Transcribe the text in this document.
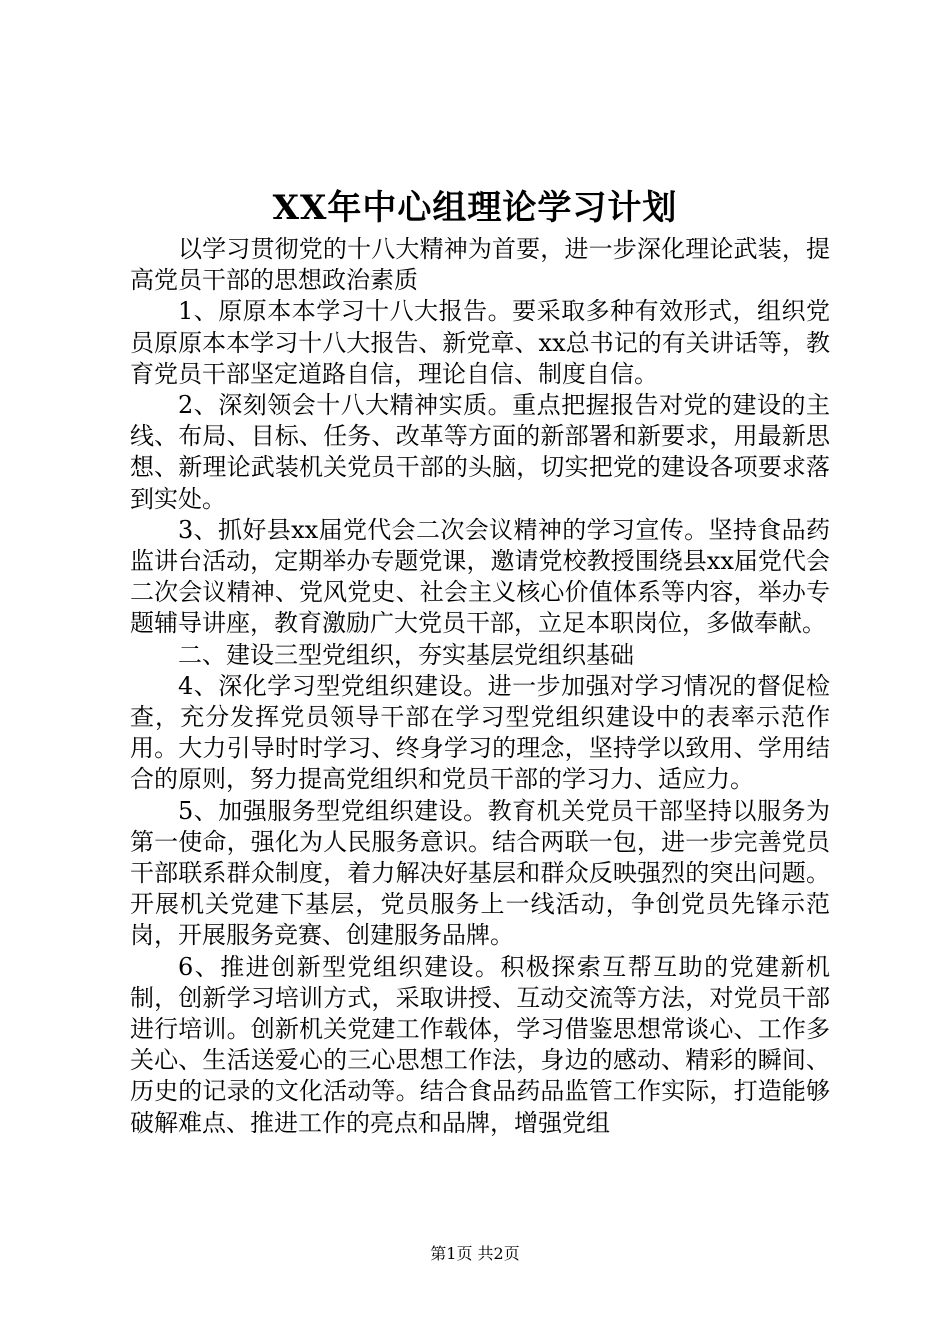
XX年中心组理论学习计划

以学习贯彻党的十八大精神为首要，进一步深化理论武装，提高党员干部的思想政治素质

1、原原本本学习十八大报告。要采取多种有效形式，组织党员原原本本学习十八大报告、新党章、xx总书记的有关讲话等，教育党员干部坚定道路自信，理论自信、制度自信。

2、深刻领会十八大精神实质。重点把握报告对党的建设的主线、布局、目标、任务、改革等方面的新部署和新要求，用最新思想、新理论武装机关党员干部的头脑，切实把党的建设各项要求落到实处。

3、抓好县xx届党代会二次会议精神的学习宣传。坚持食品药监讲台活动，定期举办专题党课，邀请党校教授围绕县xx届党代会二次会议精神、党风党史、社会主义核心价值体系等内容，举办专题辅导讲座，教育激励广大党员干部，立足本职岗位，多做奉献。

二、建设三型党组织，夯实基层党组织基础

4、深化学习型党组织建设。进一步加强对学习情况的督促检查，充分发挥党员领导干部在学习型党组织建设中的表率示范作用。大力引导时时学习、终身学习的理念，坚持学以致用、学用结合的原则，努力提高党组织和党员干部的学习力、适应力。

5、加强服务型党组织建设。教育机关党员干部坚持以服务为第一使命，强化为人民服务意识。结合两联一包，进一步完善党员干部联系群众制度，着力解决好基层和群众反映强烈的突出问题。开展机关党建下基层，党员服务上一线活动，争创党员先锋示范岗，开展服务竞赛、创建服务品牌。

6、推进创新型党组织建设。积极探索互帮互助的党建新机制，创新学习培训方式，采取讲授、互动交流等方法，对党员干部进行培训。创新机关党建工作载体，学习借鉴思想常谈心、工作多关心、生活送爱心的三心思想工作法，身边的感动、精彩的瞬间、历史的记录的文化活动等。结合食品药品监管工作实际，打造能够破解难点、推进工作的亮点和品牌，增强党组

第1页 共2页
